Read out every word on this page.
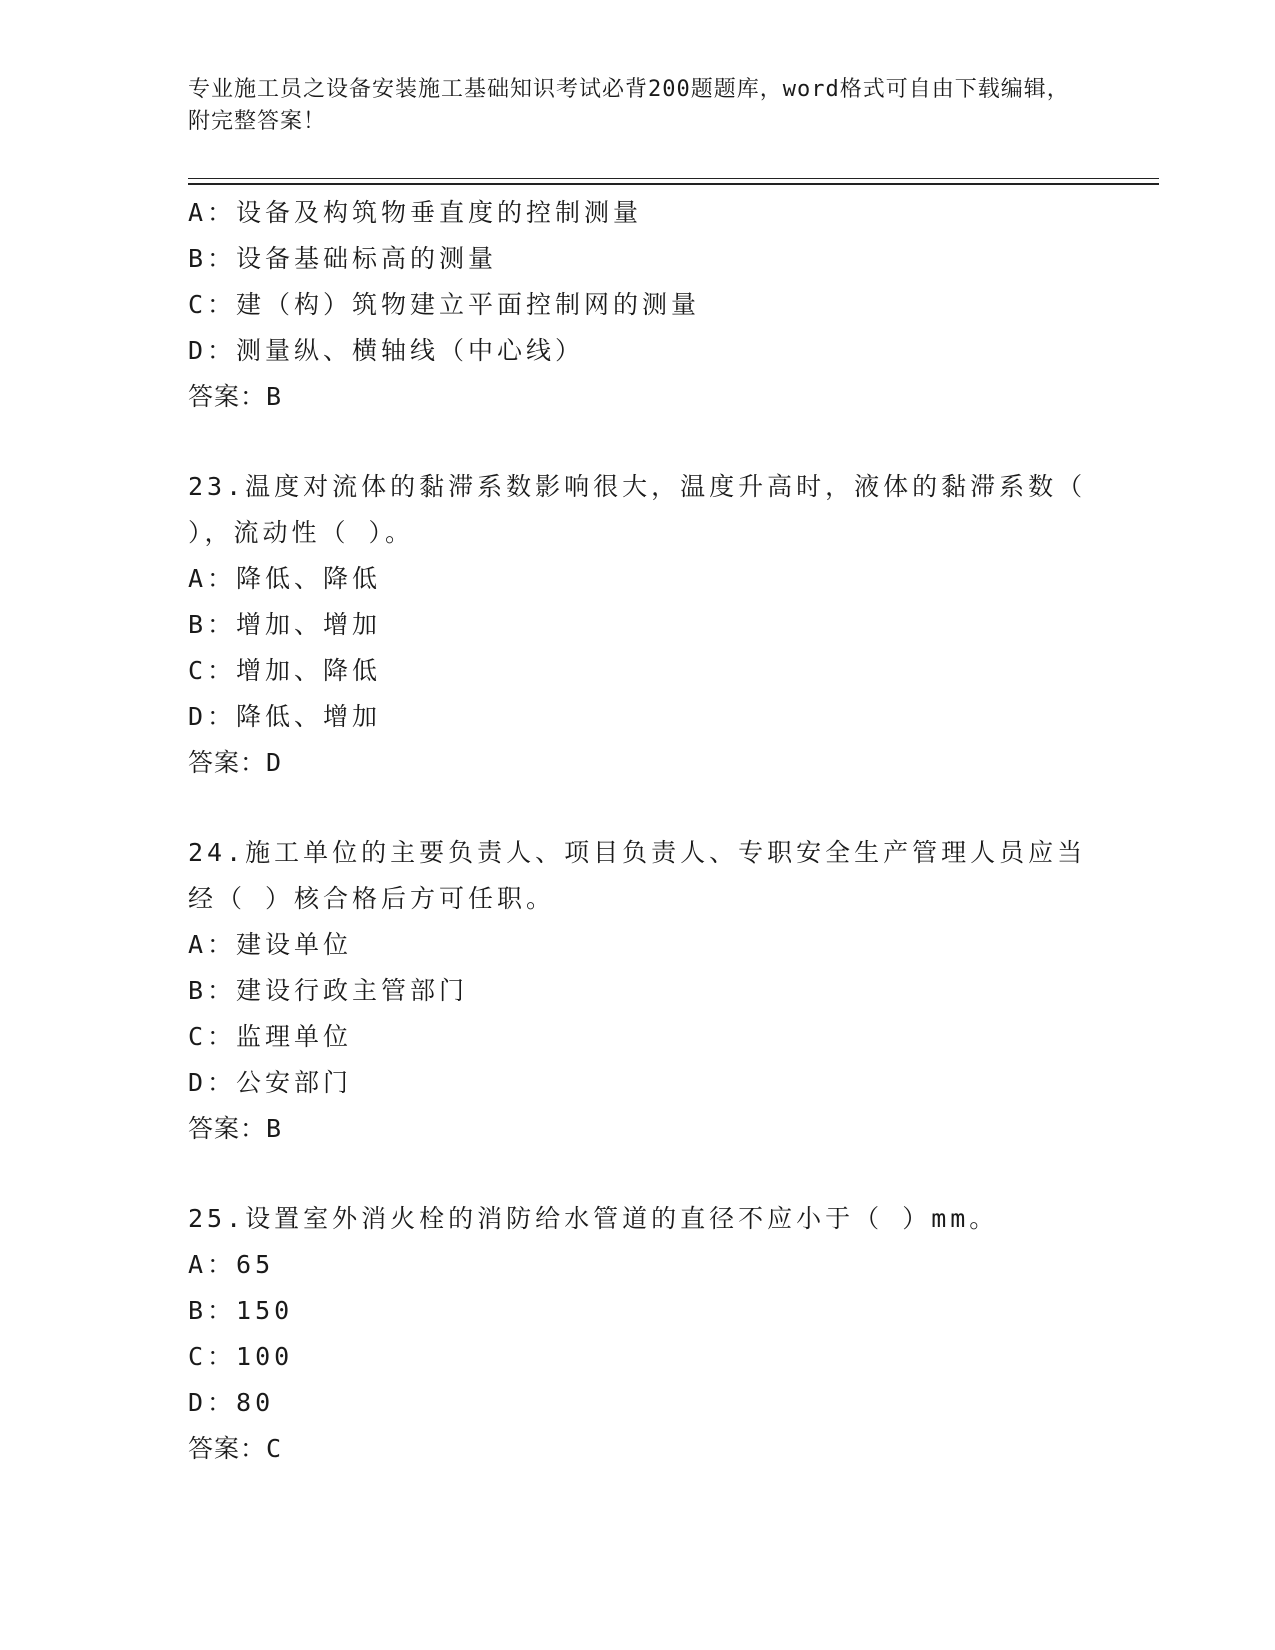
专业施工员之设备安装施工基础知识考试必背200题题库，word格式可自由下载编辑，附完整答案！
A：设备及构筑物垂直度的控制测量
B：设备基础标高的测量
C：建（构）筑物建立平面控制网的测量
D：测量纵、横轴线（中心线）
答案：B
23.温度对流体的黏滞系数影响很大，温度升高时，液体的黏滞系数（ ），流动性（ ）。
A：降低、降低
B：增加、增加
C：增加、降低
D：降低、增加
答案：D
24.施工单位的主要负责人、项目负责人、专职安全生产管理人员应当经（ ）核合格后方可任职。
A：建设单位
B：建设行政主管部门
C：监理单位
D：公安部门
答案：B
25.设置室外消火栓的消防给水管道的直径不应小于（ ）mm。
A：65
B：150
C：100
D：80
答案：C
